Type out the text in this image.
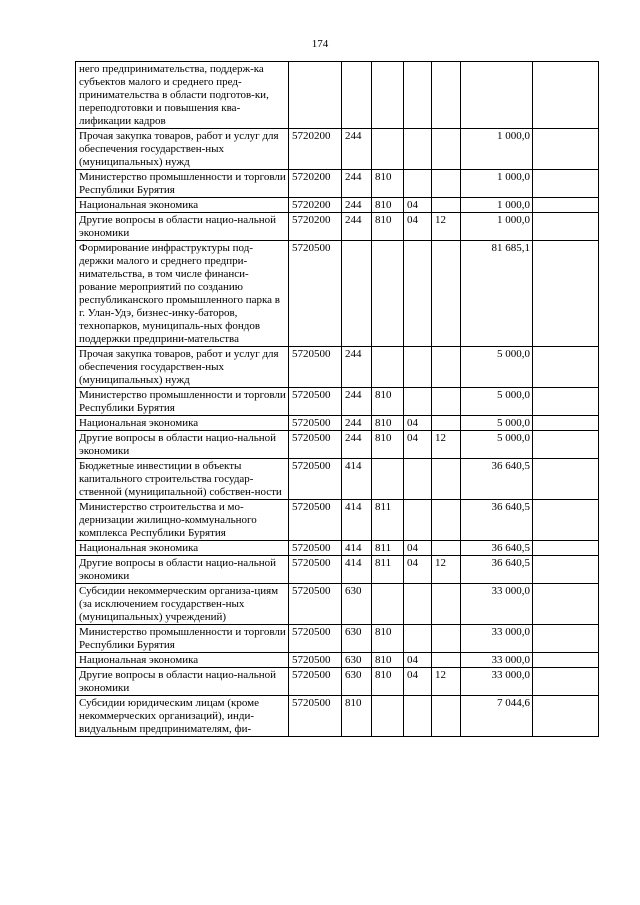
174
него предпринимательства, поддерж-ка субъектов малого и среднего пред-принимательства в области подготов-ки, переподготовки и повышения ква-лификации кадров							
Прочая закупка товаров, работ и услуг для обеспечения государствен-ных (муниципальных) нужд	5720200	244				1 000,0	
Министерство промышленности и торговли Республики Бурятия	5720200	244	810			1 000,0	
Национальная экономика	5720200	244	810	04		1 000,0	
Другие вопросы в области нацио-нальной экономики	5720200	244	810	04	12	1 000,0	
Формирование инфраструктуры под-держки малого и среднего предпри-нимательства, в том числе финанси-рование мероприятий по созданию республиканского промышленного парка в г. Улан-Удэ, бизнес-инку-баторов, технопарков, муниципаль-ных фондов поддержки предприни-мательства	5720500					81 685,1	
Прочая закупка товаров, работ и услуг для обеспечения государствен-ных (муниципальных) нужд	5720500	244				5 000,0	
Министерство промышленности и торговли Республики Бурятия	5720500	244	810			5 000,0	
Национальная экономика	5720500	244	810	04		5 000,0	
Другие вопросы в области нацио-нальной экономики	5720500	244	810	04	12	5 000,0	
Бюджетные инвестиции в объекты капитального строительства государ-ственной (муниципальной) собствен-ности	5720500	414				36 640,5	
Министерство строительства и мо-дернизации жилищно-коммунального комплекса Республики Бурятия	5720500	414	811			36 640,5	
Национальная экономика	5720500	414	811	04		36 640,5	
Другие вопросы в области нацио-нальной экономики	5720500	414	811	04	12	36 640,5	
Субсидии некоммерческим организа-циям (за исключением государствен-ных (муниципальных) учреждений)	5720500	630				33 000,0	
Министерство промышленности и торговли Республики Бурятия	5720500	630	810			33 000,0	
Национальная экономика	5720500	630	810	04		33 000,0	
Другие вопросы в области нацио-нальной экономики	5720500	630	810	04	12	33 000,0	
Субсидии юридическим лицам (кроме некоммерческих организаций), инди-видуальным предпринимателям, фи-	5720500	810				7 044,6	
